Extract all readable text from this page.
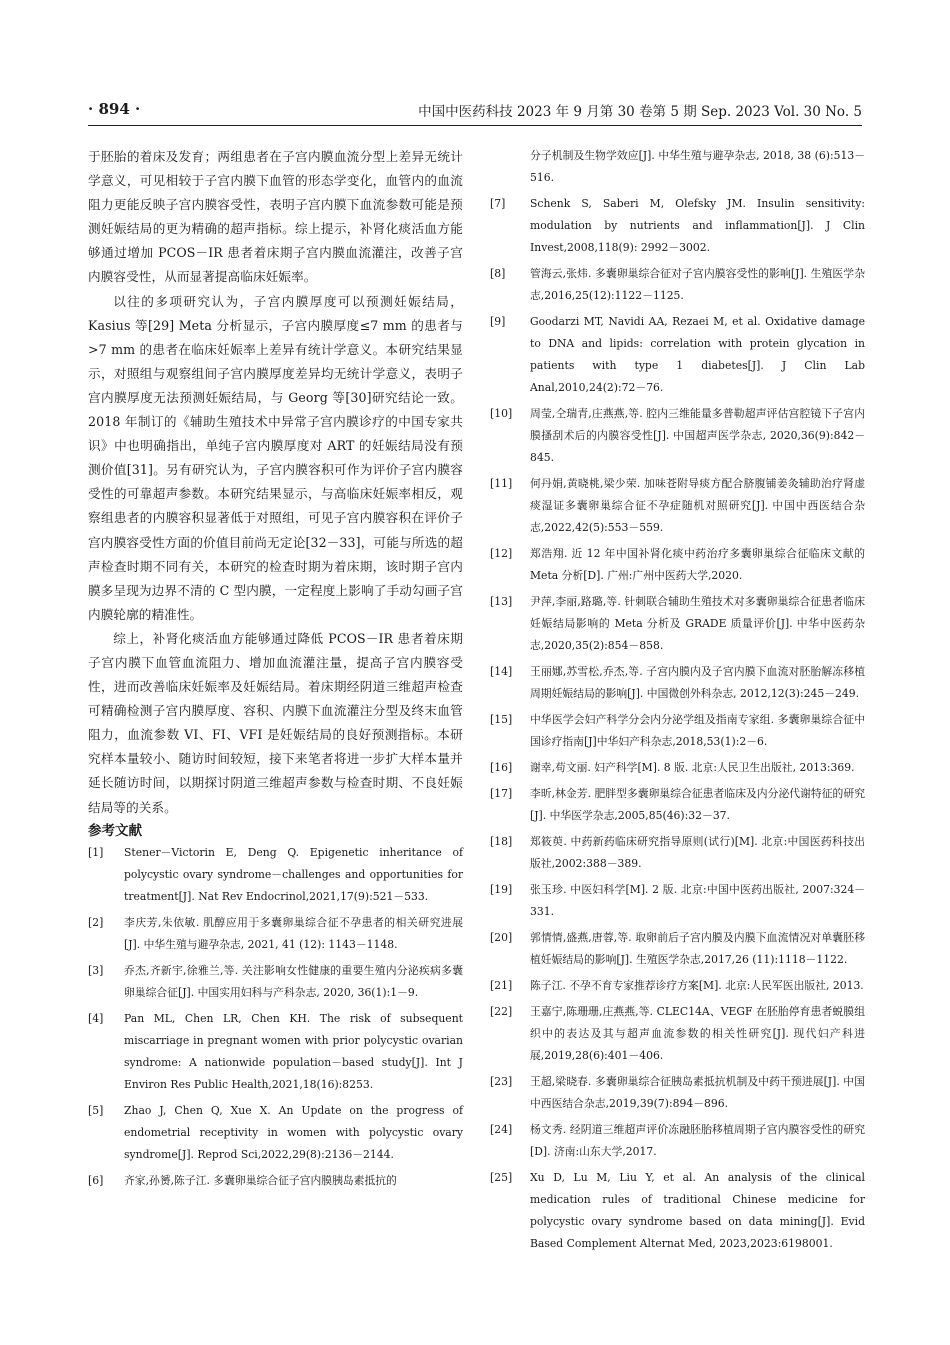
· 894 ·	中国中医药科技 2023 年 9 月第 30 卷第 5 期 Sep. 2023 Vol. 30 No. 5

于胚胎的着床及发育；两组患者在子宫内膜血流分型上差异无统计学意义，可见相较于子宫内膜下血管的形态学变化，血管内的血流阻力更能反映子宫内膜容受性，表明子宫内膜下血流参数可能是预测妊娠结局的更为精确的超声指标。综上提示，补肾化痰活血方能够通过增加 PCOS－IR 患者着床期子宫内膜血流灌注，改善子宫内膜容受性，从而显著提高临床妊娠率。

以往的多项研究认为，子宫内膜厚度可以预测妊娠结局，Kasius 等[29] Meta 分析显示，子宫内膜厚度≤7 mm 的患者与>7 mm 的患者在临床妊娠率上差异有统计学意义。本研究结果显示，对照组与观察组间子宫内膜厚度差异均无统计学意义，表明子宫内膜厚度无法预测妊娠结局，与 Georg 等[30]研究结论一致。2018 年制订的《辅助生殖技术中异常子宫内膜诊疗的中国专家共识》中也明确指出，单纯子宫内膜厚度对 ART 的妊娠结局没有预测价值[31]。另有研究认为，子宫内膜容积可作为评价子宫内膜容受性的可靠超声参数。本研究结果显示，与高临床妊娠率相反，观察组患者的内膜容积显著低于对照组，可见子宫内膜容积在评价子宫内膜容受性方面的价值目前尚无定论[32－33]，可能与所选的超声检查时期不同有关，本研究的检查时期为着床期，该时期子宫内膜多呈现为边界不清的 C 型内膜，一定程度上影响了手动勾画子宫内膜轮廓的精准性。

综上，补肾化痰活血方能够通过降低 PCOS－IR 患者着床期子宫内膜下血管血流阻力、增加血流灌注量，提高子宫内膜容受性，进而改善临床妊娠率及妊娠结局。着床期经阴道三维超声检查可精确检测子宫内膜厚度、容积、内膜下血流灌注分型及终末血管阻力，血流参数 VI、FI、VFI 是妊娠结局的良好预测指标。本研究样本量较小、随访时间较短，接下来笔者将进一步扩大样本量并延长随访时间，以期探讨阴道三维超声参数与检查时期、不良妊娠结局等的关系。

参考文献

[1]	Stener－Victorin E, Deng Q. Epigenetic inheritance of polycystic ovary syndrome－challenges and opportunities for treatment[J]. Nat Rev Endocrinol,2021,17(9):521－533.

[2]	李庆芳,朱依敏. 肌醇应用于多囊卵巢综合征不孕患者的相关研究进展[J]. 中华生殖与避孕杂志, 2021, 41 (12): 1143－1148.

[3]	乔杰,齐新宇,徐雅兰,等. 关注影响女性健康的重要生殖内分泌疾病多囊卵巢综合征[J]. 中国实用妇科与产科杂志, 2020, 36(1):1－9.

[4]	Pan ML, Chen LR, Chen KH. The risk of subsequent miscarriage in pregnant women with prior polycystic ovarian syndrome: A nationwide population－based study[J]. Int J Environ Res Public Health,2021,18(16):8253.

[5]	Zhao J, Chen Q, Xue X. An Update on the progress of endometrial receptivity in women with polycystic ovary syndrome[J]. Reprod Sci,2022,29(8):2136－2144.

[6]	齐家,孙赟,陈子江. 多囊卵巢综合征子宫内膜胰岛素抵抗的

分子机制及生物学效应[J]. 中华生殖与避孕杂志, 2018, 38 (6):513－516.

[7]	Schenk S, Saberi M, Olefsky JM. Insulin sensitivity: modulation by nutrients and inflammation[J]. J Clin Invest,2008,118(9): 2992－3002.

[8]	管海云,张炜. 多囊卵巢综合征对子宫内膜容受性的影响[J]. 生殖医学杂志,2016,25(12):1122－1125.

[9]	Goodarzi MT, Navidi AA, Rezaei M, et al. Oxidative damage to DNA and lipids: correlation with protein glycation in patients with type 1 diabetes[J]. J Clin Lab Anal,2010,24(2):72－76.

[10]	周莹,仝瑞青,庄燕燕,等. 腔内三维能量多普勒超声评估宫腔镜下子宫内膜搔刮术后的内膜容受性[J]. 中国超声医学杂志, 2020,36(9):842－845.

[11]	何丹娟,黄晓桃,梁少荣. 加味苍附导痰方配合脐腹铺姜灸辅助治疗肾虚痰湿证多囊卵巢综合征不孕症随机对照研究[J]. 中国中西医结合杂志,2022,42(5):553－559.

[12]	郑浩翔. 近 12 年中国补肾化痰中药治疗多囊卵巢综合征临床文献的 Meta 分析[D]. 广州:广州中医药大学,2020.

[13]	尹萍,李丽,路璐,等. 针刺联合辅助生殖技术对多囊卵巢综合征患者临床妊娠结局影响的 Meta 分析及 GRADE 质量评价[J]. 中华中医药杂志,2020,35(2):854－858.

[14]	王丽娜,苏雪松,乔杰,等. 子宫内膜内及子宫内膜下血流对胚胎解冻移植周期妊娠结局的影响[J]. 中国微创外科杂志, 2012,12(3):245－249.

[15]	中华医学会妇产科学分会内分泌学组及指南专家组. 多囊卵巢综合征中国诊疗指南[J]中华妇产科杂志,2018,53(1):2－6.

[16]	谢幸,苟文丽. 妇产科学[M]. 8 版. 北京:人民卫生出版社, 2013:369.

[17]	李昕,林金芳. 肥胖型多囊卵巢综合征患者临床及内分泌代谢特征的研究[J]. 中华医学杂志,2005,85(46):32－37.

[18]	郑筱萸. 中药新药临床研究指导原则(试行)[M]. 北京:中国医药科技出版社,2002:388－389.

[19]	张玉珍. 中医妇科学[M]. 2 版. 北京:中国中医药出版社, 2007:324－331.

[20]	郭情情,盛燕,唐蓉,等. 取卵前后子宫内膜及内膜下血流情况对单囊胚移植妊娠结局的影响[J]. 生殖医学杂志,2017,26 (11):1118－1122.

[21]	陈子江. 不孕不育专家推荐诊疗方案[M]. 北京:人民军医出版社, 2013.

[22]	王嘉宁,陈珊珊,庄燕燕,等. CLEC14A、VEGF 在胚胎停育患者蜕膜组织中的表达及其与超声血流参数的相关性研究[J]. 现代妇产科进展,2019,28(6):401－406.

[23]	王超,梁晓春. 多囊卵巢综合征胰岛素抵抗机制及中药干预进展[J]. 中国中西医结合杂志,2019,39(7):894－896.

[24]	杨文秀. 经阴道三维超声评价冻融胚胎移植周期子宫内膜容受性的研究[D]. 济南:山东大学,2017.

[25]	Xu D, Lu M, Liu Y, et al. An analysis of the clinical medication rules of traditional Chinese medicine for polycystic ovary syndrome based on data mining[J]. Evid Based Complement Alternat Med, 2023,2023:6198001.
